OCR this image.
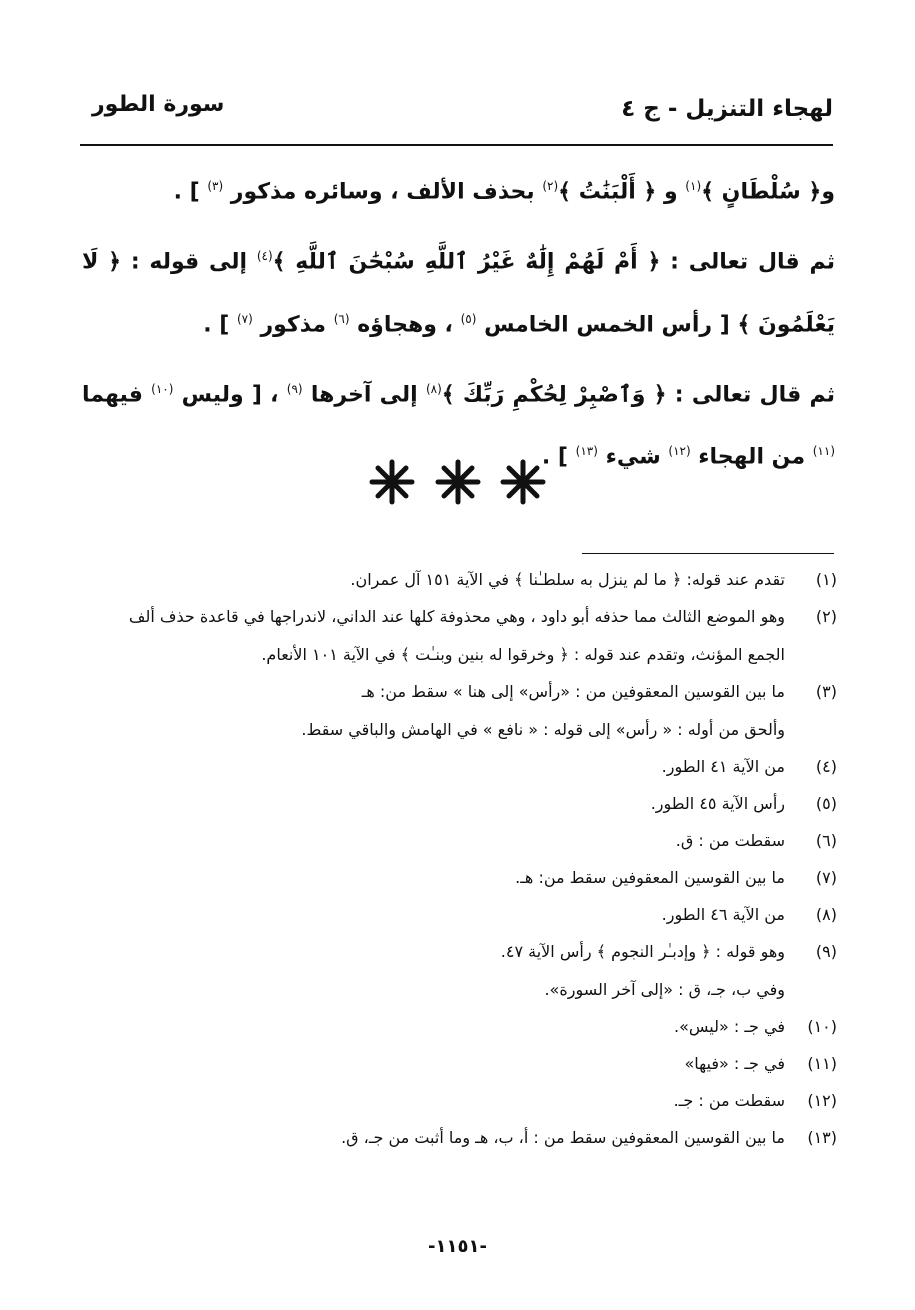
لهجاء التنزيل - ج ٤
سورة الطور

و﴿ سُلْطَانٍ ﴾$^{(١)}$ و ﴿ أَلْبَنَٰتُ ﴾$^{(٢)}$ بحذف الألف ، وسائره مذكور $^{(٣)}$ ] .

ثم قال تعالى : ﴿ أَمْ لَهُمْ إِلَٰهٌ غَيْرُ ٱللَّهِ سُبْحَٰنَ ٱللَّهِ ﴾$^{(٤)}$ إلى قوله : ﴿ لَا يَعْلَمُونَ ﴾ [ رأس الخمس الخامس $^{(٥)}$ ، وهجاؤه $^{(٦)}$ مذكور $^{(٧)}$ ] .

ثم قال تعالى : ﴿ وَٱصْبِرْ لِحُكْمِ رَبِّكَ ﴾$^{(٨)}$ إلى آخرها $^{(٩)}$ ، [ وليس $^{(١٠)}$ فيهما $^{(١١)}$ من الهجاء $^{(١٢)}$ شيء $^{(١٣)}$ ] .

(١)
تقدم عند قوله: ﴿ ما لم ينزل به سلطـٰنا ﴾ في الآية ١٥١ آل عمران.
(٢)
وهو الموضع الثالث مما حذفه أبو داود ، وهي محذوفة كلها عند الداني، لاندراجها في قاعدة حذف ألف
الجمع المؤنث، وتقدم عند قوله : ﴿ وخرقوا له بنين وبنـٰت ﴾ في الآية ١٠١ الأنعام.
(٣)
ما بين القوسين المعقوفين من : «رأس» إلى هنا » سقط من: هـ
وألحق من أوله : « رأس» إلى قوله : « نافع » في الهامش والباقي سقط.
(٤)
من الآية ٤١ الطور.
(٥)
رأس الآية ٤٥ الطور.
(٦)
سقطت من : ق.
(٧)
ما بين القوسين المعقوفين سقط من: هـ.
(٨)
من الآية ٤٦ الطور.
(٩)
وهو قوله : ﴿ وإدبـٰر النجوم ﴾ رأس الآية ٤٧.
وفي ب، جـ، ق : «إلى آخر السورة».
(١٠)
في جـ : «ليس».
(١١)
في جـ : «فيها»
(١٢)
سقطت من : جـ.
(١٣)
ما بين القوسين المعقوفين سقط من : أ، ب، هـ وما أثبت من جـ، ق.
-١١٥١-
